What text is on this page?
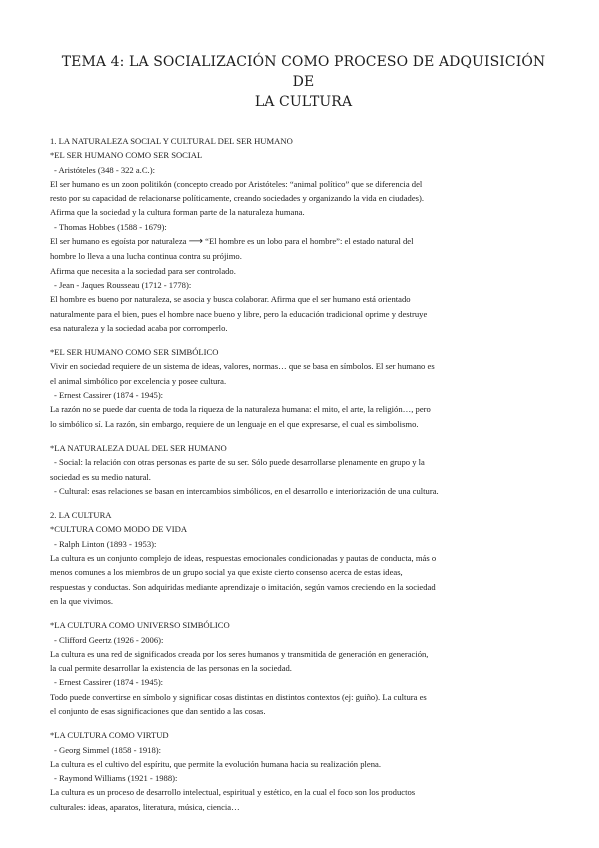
TEMA 4: LA SOCIALIZACIÓN COMO PROCESO DE ADQUISICIÓN DE
LA CULTURA
1. LA NATURALEZA SOCIAL Y CULTURAL DEL SER HUMANO
*EL SER HUMANO COMO SER SOCIAL
- Aristóteles (348 - 322 a.C.):
El ser humano es un zoon politikón (concepto creado por Aristóteles: “animal político” que se diferencia del
resto por su capacidad de relacionarse políticamente, creando sociedades y organizando la vida en ciudades).
Afirma que la sociedad y la cultura forman parte de la naturaleza humana.
- Thomas Hobbes (1588 - 1679):
El ser humano es egoísta por naturaleza ⟶ “El hombre es un lobo para el hombre”: el estado natural del
hombre lo lleva a una lucha continua contra su prójimo.
Afirma que necesita a la sociedad para ser controlado.
- Jean - Jaques Rousseau (1712 - 1778):
El hombre es bueno por naturaleza, se asocia y busca colaborar. Afirma que el ser humano está orientado
naturalmente para el bien, pues el hombre nace bueno y libre, pero la educación tradicional oprime y destruye
esa naturaleza y la sociedad acaba por corromperlo.
*EL SER HUMANO COMO SER SIMBÓLICO
Vivir en sociedad requiere de un sistema de ideas, valores, normas… que se basa en símbolos. El ser humano es
el animal simbólico por excelencia y posee cultura.
- Ernest Cassirer (1874 - 1945):
La razón no se puede dar cuenta de toda la riqueza de la naturaleza humana: el mito, el arte, la religión…, pero
lo simbólico sí. La razón, sin embargo, requiere de un lenguaje en el que expresarse, el cual es simbolismo.
*LA NATURALEZA DUAL DEL SER HUMANO
- Social: la relación con otras personas es parte de su ser. Sólo puede desarrollarse plenamente en grupo y la
sociedad es su medio natural.
- Cultural: esas relaciones se basan en intercambios simbólicos, en el desarrollo e interiorización de una cultura.
2. LA CULTURA
*CULTURA COMO MODO DE VIDA
- Ralph Linton (1893 - 1953):
La cultura es un conjunto complejo de ideas, respuestas emocionales condicionadas y pautas de conducta, más o
menos comunes a los miembros de un grupo social ya que existe cierto consenso acerca de estas ideas,
respuestas y conductas. Son adquiridas mediante aprendizaje o imitación, según vamos creciendo en la sociedad
en la que vivimos.
*LA CULTURA COMO UNIVERSO SIMBÓLICO
- Clifford Geertz (1926 - 2006):
La cultura es una red de significados creada por los seres humanos y transmitida de generación en generación,
la cual permite desarrollar la existencia de las personas en la sociedad.
- Ernest Cassirer (1874 - 1945):
Todo puede convertirse en símbolo y significar cosas distintas en distintos contextos (ej: guiño). La cultura es
el conjunto de esas significaciones que dan sentido a las cosas.
*LA CULTURA COMO VIRTUD
- Georg Simmel (1858 - 1918):
La cultura es el cultivo del espíritu, que permite la evolución humana hacia su realización plena.
- Raymond Williams (1921 - 1988):
La cultura es un proceso de desarrollo intelectual, espiritual y estético, en la cual el foco son los productos
culturales: ideas, aparatos, literatura, música, ciencia…
